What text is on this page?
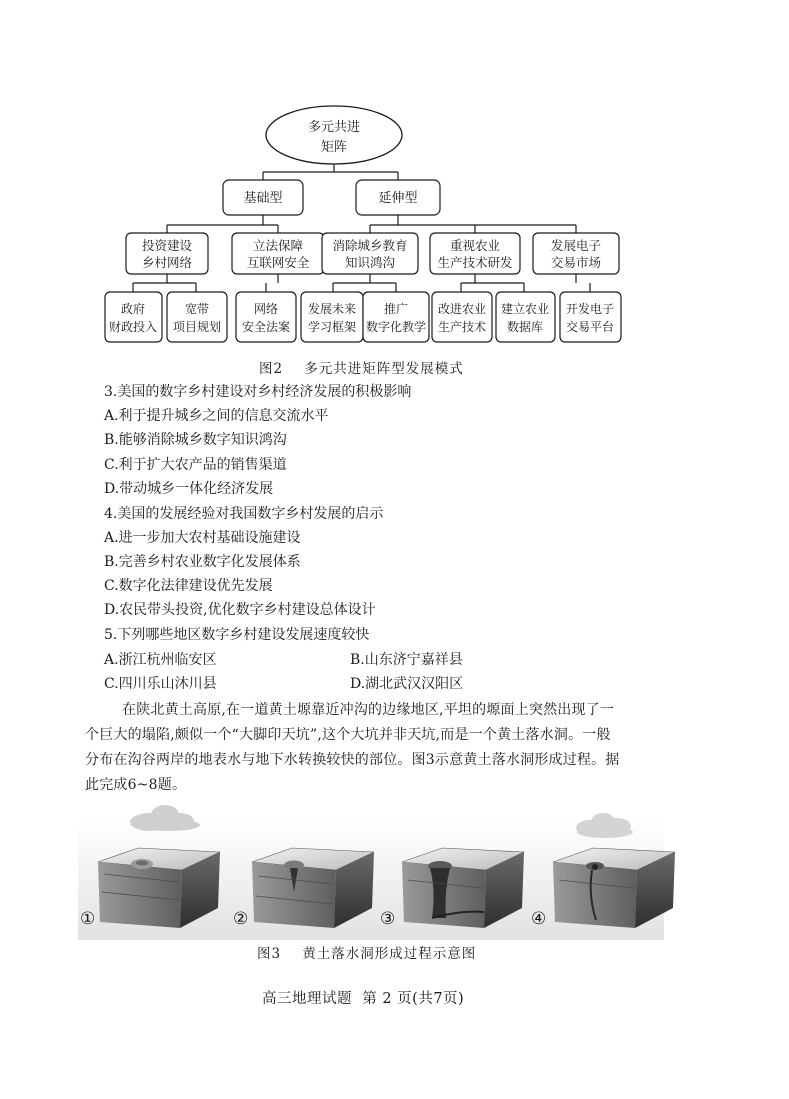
多元共进
矩阵
基础型	延伸型
投资建设
乡村网络
立法保障
互联网安全
消除城乡教育
知识鸿沟
重视农业
生产技术研发
发展电子
交易市场
政府
财政投入
宽带
项目规划
网络
安全法案
发展未来
学习框架
推广
数字化教学
改进农业
生产技术
建立农业
数据库
开发电子
交易平台
图2    多元共进矩阵型发展模式
3.美国的数字乡村建设对乡村经济发展的积极影响
A.利于提升城乡之间的信息交流水平
B.能够消除城乡数字知识鸿沟
C.利于扩大农产品的销售渠道
D.带动城乡一体化经济发展
4.美国的发展经验对我国数字乡村发展的启示
A.进一步加大农村基础设施建设
B.完善乡村农业数字化发展体系
C.数字化法律建设优先发展
D.农民带头投资,优化数字乡村建设总体设计
5.下列哪些地区数字乡村建设发展速度较快
A.浙江杭州临安区	B.山东济宁嘉祥县
C.四川乐山沐川县	D.湖北武汉汉阳区
在陕北黄土高原,在一道黄土塬靠近冲沟的边缘地区,平坦的塬面上突然出现了一
个巨大的塌陷,颇似一个“大脚印天坑”,这个大坑并非天坑,而是一个黄土落水洞。一般
分布在沟谷两岸的地表水与地下水转换较快的部位。图3示意黄土落水洞形成过程。据
此完成6~8题。
①	②	③	④
图3    黄土落水洞形成过程示意图
高三地理试题  第 2 页(共7页)
